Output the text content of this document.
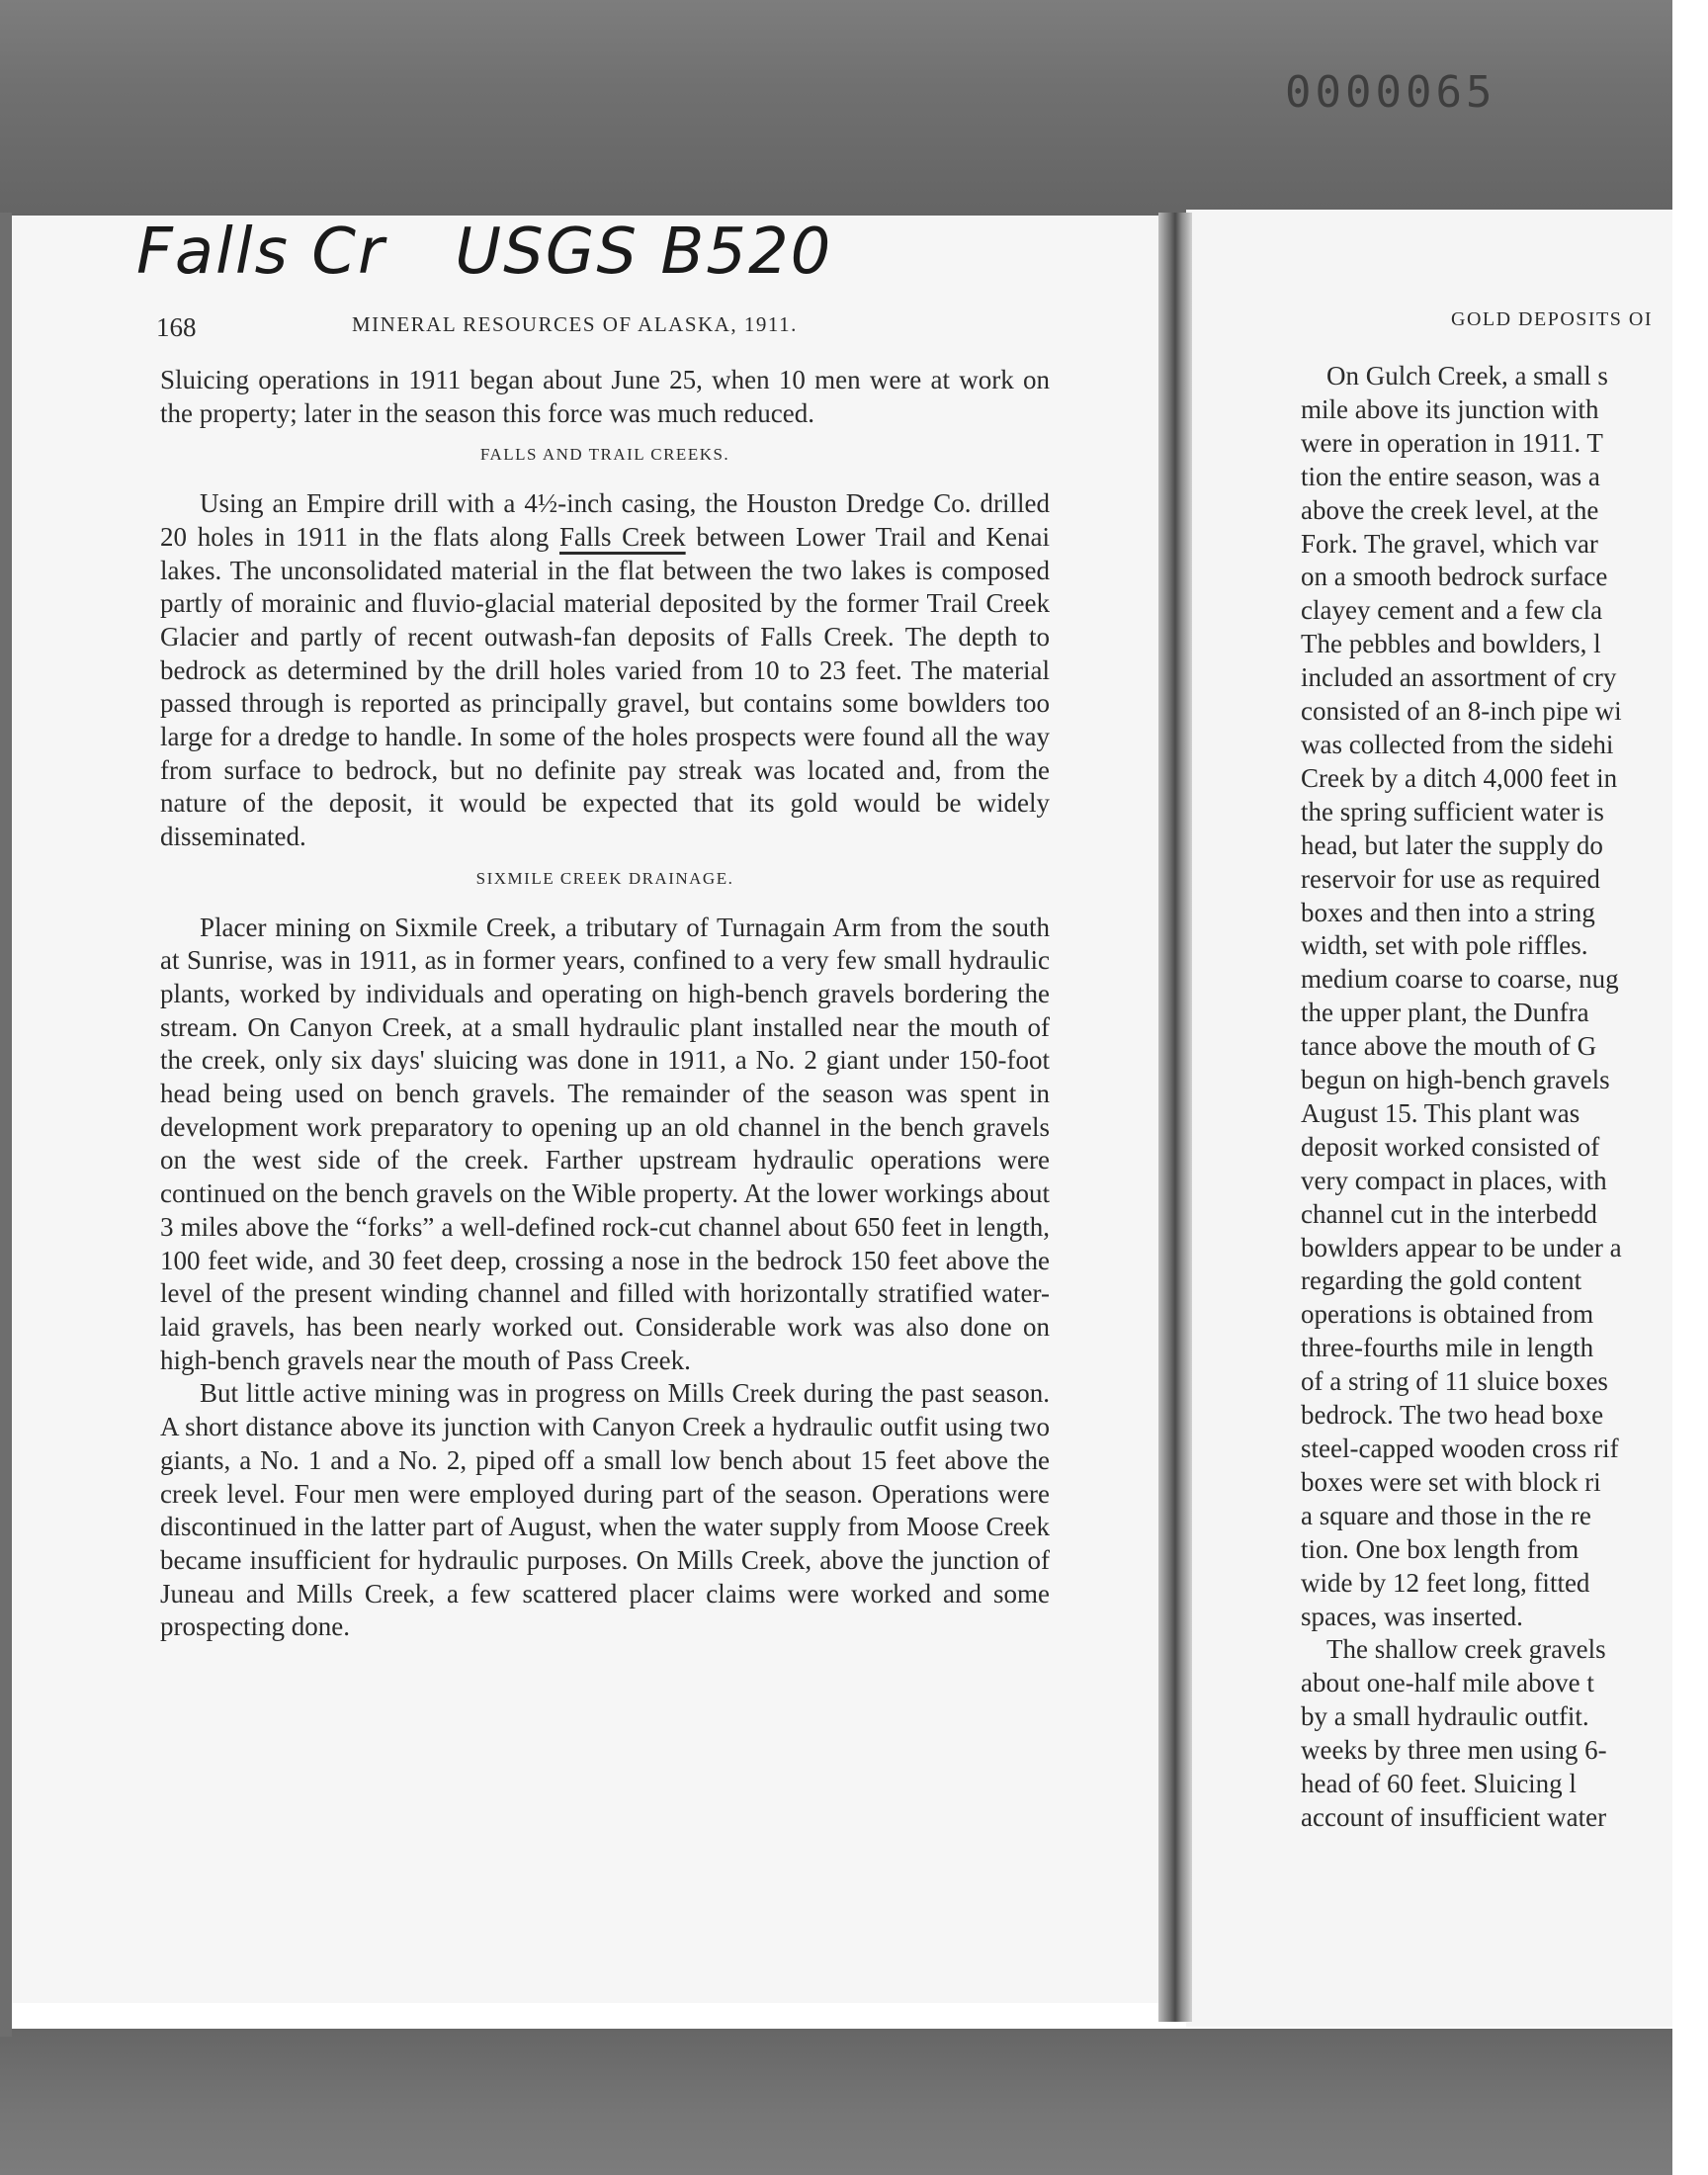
0000065
Falls Cr USGS B520
168	MINERAL RESOURCES OF ALASKA, 1911.

Sluicing operations in 1911 began about June 25, when 10 men were at work on the property; later in the season this force was much reduced.

FALLS AND TRAIL CREEKS.

Using an Empire drill with a 4½-inch casing, the Houston Dredge Co. drilled 20 holes in 1911 in the flats along Falls Creek between Lower Trail and Kenai lakes. The unconsolidated material in the flat between the two lakes is composed partly of morainic and fluvio-glacial material deposited by the former Trail Creek Glacier and partly of recent outwash-fan deposits of Falls Creek. The depth to bedrock as determined by the drill holes varied from 10 to 23 feet. The material passed through is reported as principally gravel, but contains some bowlders too large for a dredge to handle. In some of the holes prospects were found all the way from surface to bedrock, but no definite pay streak was located and, from the nature of the deposit, it would be expected that its gold would be widely disseminated.

SIXMILE CREEK DRAINAGE.

Placer mining on Sixmile Creek, a tributary of Turnagain Arm from the south at Sunrise, was in 1911, as in former years, confined to a very few small hydraulic plants, worked by individuals and operating on high-bench gravels bordering the stream. On Canyon Creek, at a small hydraulic plant installed near the mouth of the creek, only six days' sluicing was done in 1911, a No. 2 giant under 150-foot head being used on bench gravels. The remainder of the season was spent in development work preparatory to opening up an old channel in the bench gravels on the west side of the creek. Farther upstream hydraulic operations were continued on the bench gravels on the Wible property. At the lower workings about 3 miles above the “forks” a well-defined rock-cut channel about 650 feet in length, 100 feet wide, and 30 feet deep, crossing a nose in the bedrock 150 feet above the level of the present winding channel and filled with horizontally stratified water-laid gravels, has been nearly worked out. Considerable work was also done on high-bench gravels near the mouth of Pass Creek.

But little active mining was in progress on Mills Creek during the past season. A short distance above its junction with Canyon Creek a hydraulic outfit using two giants, a No. 1 and a No. 2, piped off a small low bench about 15 feet above the creek level. Four men were employed during part of the season. Operations were discontinued in the latter part of August, when the water supply from Moose Creek became insufficient for hydraulic purposes. On Mills Creek, above the junction of Juneau and Mills Creek, a few scattered placer claims were worked and some prospecting done.

GOLD DEPOSITS OI
On Gulch Creek, a small s
mile above its junction with
were in operation in 1911. T
tion the entire season, was a
above the creek level, at the
Fork. The gravel, which var
on a smooth bedrock surface
clayey cement and a few cla
The pebbles and bowlders, l
included an assortment of cry
consisted of an 8-inch pipe wi
was collected from the sidehi
Creek by a ditch 4,000 feet in
the spring sufficient water is
head, but later the supply do
reservoir for use as required
boxes and then into a string
width, set with pole riffles.
medium coarse to coarse, nug
the upper plant, the Dunfra
tance above the mouth of G
begun on high-bench gravels
August 15. This plant was
deposit worked consisted of
very compact in places, with
channel cut in the interbedd
bowlders appear to be under a
regarding the gold content
operations is obtained from
three-fourths mile in length
of a string of 11 sluice boxes
bedrock. The two head boxe
steel-capped wooden cross rif
boxes were set with block ri
a square and those in the re
tion. One box length from
wide by 12 feet long, fitted
spaces, was inserted.
The shallow creek gravels
about one-half mile above t
by a small hydraulic outfit.
weeks by three men using 6-
head of 60 feet. Sluicing l
account of insufficient water
